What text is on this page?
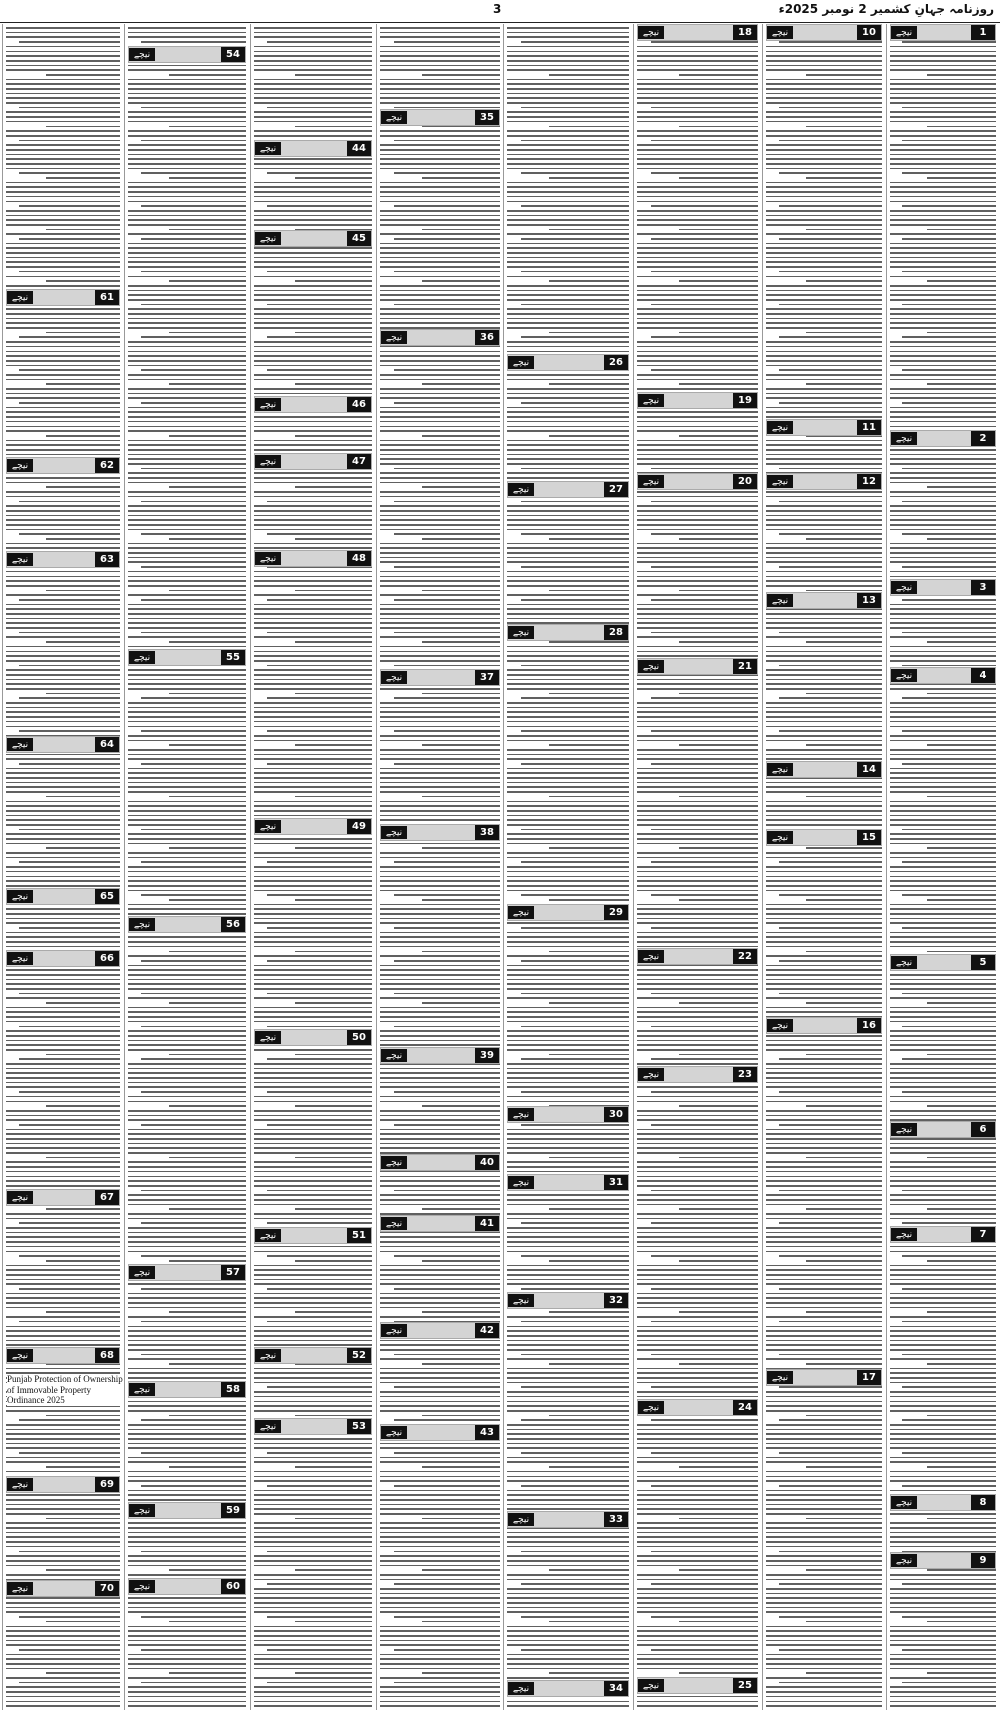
روزنامہ جہانِ کشمیر 2 نومبر 2025ء
3
نیچے	1
نیچے	2
نیچے	3
نیچے	4
نیچے	5
نیچے	6
نیچے	7
نیچے	8
نیچے	9
نیچے	10
نیچے	11
نیچے	12
نیچے	13
نیچے	14
نیچے	15
نیچے	16
نیچے	17
نیچے	18
نیچے	19
نیچے	20
نیچے	21
نیچے	22
نیچے	23
نیچے	24
نیچے	25
نیچے	26
نیچے	27
نیچے	28
نیچے	29
نیچے	30
نیچے	31
نیچے	32
نیچے	33
نیچے	34
نیچے	35
نیچے	36
نیچے	37
نیچے	38
نیچے	39
نیچے	40
نیچے	41
نیچے	42
نیچے	43
نیچے	44
نیچے	45
نیچے	46
نیچے	47
نیچے	48
نیچے	49
نیچے	50
نیچے	51
نیچے	52
نیچے	53
نیچے	54
نیچے	55
نیچے	56
نیچے	57
نیچے	58
نیچے	59
نیچے	60
نیچے	61
نیچے	62
نیچے	63
نیچے	64
نیچے	65
نیچے	66
نیچے	67
نیچے	68
نیچے	69
نیچے	70
Punjab Protection of Ownership of Immovable Property Ordinance 2025
